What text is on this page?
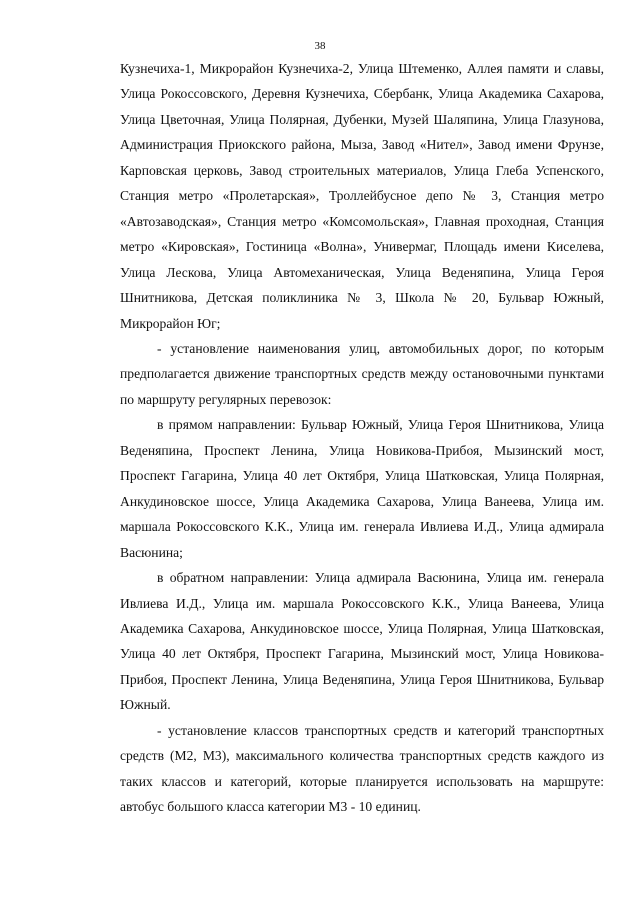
38

Кузнечиха-1, Микрорайон Кузнечиха-2, Улица Штеменко, Аллея памяти и славы, Улица Рокоссовского, Деревня Кузнечиха, Сбербанк, Улица Академика Сахарова, Улица Цветочная, Улица Полярная, Дубенки, Музей Шаляпина, Улица Глазунова, Администрация Приокского района, Мыза, Завод «Нител», Завод имени Фрунзе, Карповская церковь, Завод строительных материалов, Улица Глеба Успенского, Станция метро «Пролетарская», Троллейбусное депо № 3, Станция метро «Автозаводская», Станция метро «Комсомольская», Главная проходная, Станция метро «Кировская», Гостиница «Волна», Универмаг, Площадь имени Киселева, Улица Лескова, Улица Автомеханическая, Улица Веденяпина, Улица Героя Шнитникова, Детская поликлиника № 3, Школа № 20, Бульвар Южный, Микрорайон Юг;

- установление наименования улиц, автомобильных дорог, по которым предполагается движение транспортных средств между остановочными пунктами по маршруту регулярных перевозок:

в прямом направлении: Бульвар Южный, Улица Героя Шнитникова, Улица Веденяпина, Проспект Ленина, Улица Новикова-Прибоя, Мызинский мост, Проспект Гагарина, Улица 40 лет Октября, Улица Шатковская, Улица Полярная, Анкудиновское шоссе, Улица Академика Сахарова, Улица Ванеева, Улица им. маршала Рокоссовского К.К., Улица им. генерала Ивлиева И.Д., Улица адмирала Васюнина;

в обратном направлении: Улица адмирала Васюнина, Улица им. генерала Ивлиева И.Д., Улица им. маршала Рокоссовского К.К., Улица Ванеева, Улица Академика Сахарова, Анкудиновское шоссе, Улица Полярная, Улица Шатковская, Улица 40 лет Октября, Проспект Гагарина, Мызинский мост, Улица Новикова-Прибоя, Проспект Ленина, Улица Веденяпина, Улица Героя Шнитникова, Бульвар Южный.

- установление классов транспортных средств и категорий транспортных средств (М2, М3), максимального количества транспортных средств каждого из таких классов и категорий, которые планируется использовать на маршруте: автобус большого класса категории М3 - 10 единиц.
